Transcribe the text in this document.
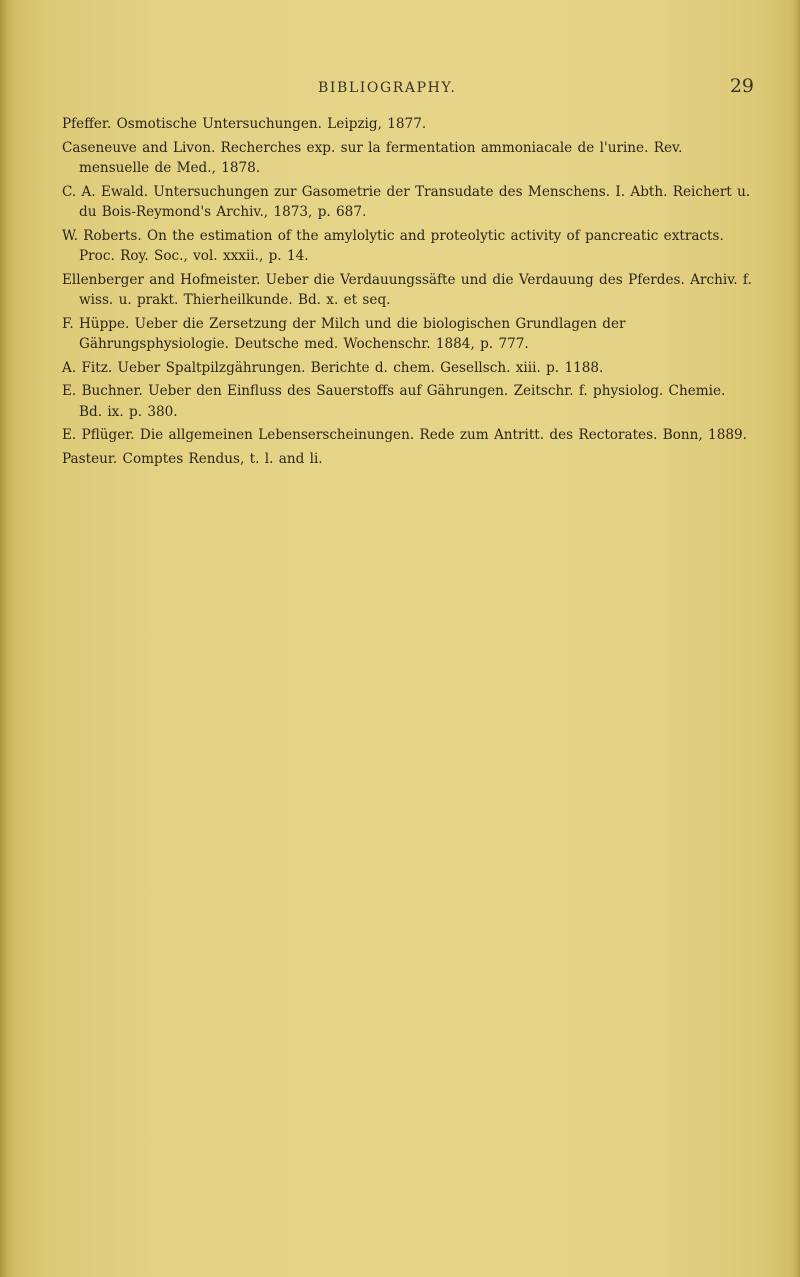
BIBLIOGRAPHY.	29

Pfeffer. Osmotische Untersuchungen. Leipzig, 1877.

Caseneuve and Livon. Recherches exp. sur la fermentation ammoniacale de l'urine. Rev. mensuelle de Med., 1878.

C. A. Ewald. Untersuchungen zur Gasometrie der Transudate des Menschens. I. Abth. Reichert u. du Bois-Reymond's Archiv., 1873, p. 687.

W. Roberts. On the estimation of the amylolytic and proteolytic activity of pancreatic extracts. Proc. Roy. Soc., vol. xxxii., p. 14.

Ellenberger and Hofmeister. Ueber die Verdauungssäfte und die Verdauung des Pferdes. Archiv. f. wiss. u. prakt. Thierheilkunde. Bd. x. et seq.

F. Hüppe. Ueber die Zersetzung der Milch und die biologischen Grundlagen der Gährungsphysiologie. Deutsche med. Wochenschr. 1884, p. 777.

A. Fitz. Ueber Spaltpilzgährungen. Berichte d. chem. Gesellsch. xiii. p. 1188.

E. Buchner. Ueber den Einfluss des Sauerstoffs auf Gährungen. Zeitschr. f. physiolog. Chemie. Bd. ix. p. 380.

E. Pflüger. Die allgemeinen Lebenserscheinungen. Rede zum Antritt. des Rectorates. Bonn, 1889.

Pasteur. Comptes Rendus, t. l. and li.
